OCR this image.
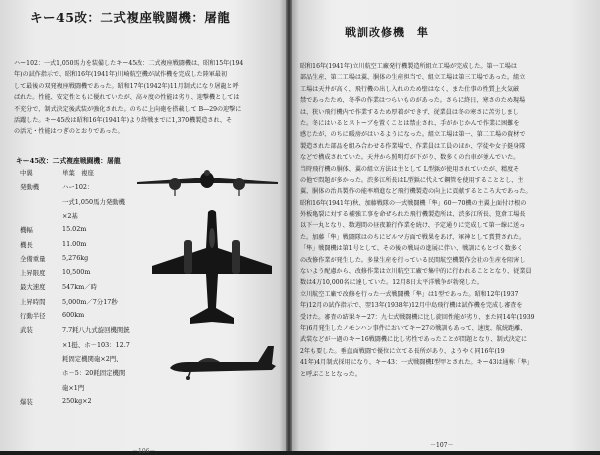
キー45改：二式複座戦闘機：屠龍
ハー102：一式1,050馬力を装備したキー45改：二式複座戦闘機は、昭和15年(194
年)の試作指示で、昭和16年(1941年)川崎航空機が試作機を完成した陸軍最初
して最後の双発複座戦闘機であった。昭和17年(1942年)11月制式になり屠龍と呼
ばれた。性能、安定性ともに優れていたが、高々度の性能は劣り、迎撃機としては
不充分で、制式決定後武装が強化された。のちに上向砲を搭載して B―29の迎撃に
活躍した。キー45改は昭和16年(1941年)より終戦までに1,370機製造され、そ
の活元・性能はつぎのとおりであった。
キー45改：二式複座戦闘機：屠龍
中翼	単葉　複座
発動機	ハー102：
一式1,050馬力発動機
×2基
機幅	15.02m
機長	11.00m
全備重量	5,276kg
上昇限度	10,500m
最大速度	547km／時
上昇時間	5,000m／7分17秒
行動半径	600km
武装	7.7耗八九式旋回機関銃
×1挺、ホ－103：12.7
耗固定機関砲×2門、
ホ－5：20耗固定機関
砲×1門
爆装	250kg×2
－106－
戦訓改修機　隼
昭和16年(1941年)立川航空工廠発行機製造所組立工場が完成した。第一工場は
部品生産、第二工場は翼、胴体の生産担当で、組立工場は第三工場であった。組立
工場は天井が高く、飛行機の出し入れのため壁はなく、また仕事の性質上火気厳
禁であったため、冬季の作業はつらいものがあった。さらに終日、寒さのため現場
は、狭い飛行機内で作業するため厚着ができず、従業員は冬の寒さに苦労しまし
た。冬にはいるとストーブを置くことは禁止され、手がかじかんで作業に困難を
感じたが、のちに暖房がはいるようになった。組立工場は第一、第二工場の資材で
製造された部品を組み合わせる作業場で、作業員は工員のほか、学徒や女子挺身隊
などで構成されていた。天井から照明灯が下がり、数多くの台車が並んでいた。
当時飛行機の胴体、翼の組立方法は主として L型鋲が使用されていたが、精度そ
の他で問題が多かった。渋多江所長はL型鋲に代えて鋼管を使用することとし、主
翼、胴体の治具製作の能率増進など飛行機製造の向上に貢献するところ大であった。
昭和16年(1941年)秋、加藤戦隊の一式戦闘機「隼」60～70機の主翼上面付け根の
外板亀裂に対する補強工事を命ぜられた飛行機製造所は、渋多江所長、筧倉工場長
以下一丸となり、数週間の昼夜兼行作業を続け、予定通りに完成して第一線に送っ
た。加藤「隼」戦闘隊はのちにビルマ方面で戦果をあげ、軍神として賞賛された。
「隼」戦闘機は第1号として、その後の戦局の進展に伴い、戦訓にもとづく数多く
の改修作業が発生した。多量生産を行っている民間航空機製作会社の生産を阻害し
ないよう配慮から、改修作業は立川航空工廠で集中的に行われることとなり、従業員
数は4万10,000名に達していた。12月8日太平洋戦争が勃発した。
立川航空工廠で改修を行った一式戦闘機「隼」は1型であった。昭和12年(1937
年)12月の試作指示で、翌13年(1938年)12月中島飛行機は試作機を完成し審査を
受けた。審査の結果キー27：九七式戦闘機に比し旋回性能が劣り、また同14年(1939
年)6月発生したノモンハン事件においてキー27の戦訓もあって、速度、航続距離、
武装などが一過のキー16戦闘機に比し劣性であったことが問題となり、制式決定に
2年も要した。垂直面戦闘で優位に立てる長所があり、ようやく同16年(19
41年)4月制式採用になり、キー43：一式戦闘機Ⅰ型甲とされた。キー43は通称「隼」
と呼ぶこととなった。
－107－
